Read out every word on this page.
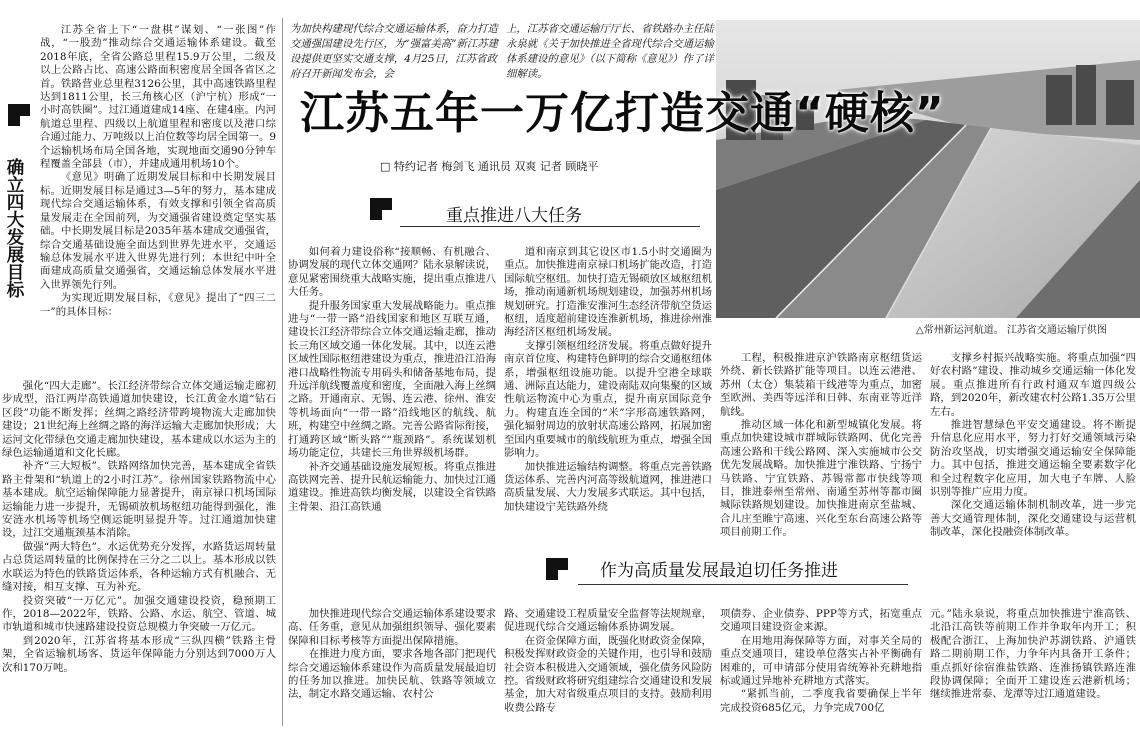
确立四大发展目标

江苏全省上下“一盘棋”谋划、“一张图”作战，“一股劲”推动综合交通运输体系建设。截至2018年底，全省公路总里程15.9万公里，二级及以上公路占比、高速公路面积密度居全国各省区之首。铁路营业总里程3126公里，其中高速铁路里程达到1811公里，长三角核心区（沪宁杭）形成“一小时高铁圈”。过江通道建成14座、在建4座。内河航道总里程、四级以上航道里程和密度以及港口综合通过能力、万吨级以上泊位数等均居全国第一。9个运输机场布局全国各地，实现地面交通90分钟车程覆盖全部县（市），并建成通用机场10个。

《意见》明确了近期发展目标和中长期发展目标。近期发展目标是通过3—5年的努力，基本建成现代综合交通运输体系，有效支撑和引领全省高质量发展走在全国前列，为交通强省建设奠定坚实基础。中长期发展目标是2035年基本建成交通强省，综合交通基础设施全面达到世界先进水平，交通运输总体发展水平进入世界先进行列；本世纪中叶全面建成高质量交通强省，交通运输总体发展水平进入世界领先行列。

为实现近期发展目标，《意见》提出了“四三二一”的具体目标：

强化“四大走廊”。长江经济带综合立体交通运输走廊初步成型，沿江两岸高铁通道加快建设，长江黄金水道“钻石区段”功能不断发挥；丝绸之路经济带跨境物流大走廊加快建设；21世纪海上丝绸之路的海洋运输大走廊加快形成；大运河文化带绿色交通走廊加快建设，基本建成以水运为主的绿色运输通道和文化长廊。

补齐“三大短板”。铁路网络加快完善，基本建成全省铁路主骨架和“轨道上的2小时江苏”。徐州国家铁路物流中心基本建成。航空运输保障能力显著提升，南京禄口机场国际运输能力进一步提升，无锡硕放机场枢纽功能得到强化，淮安涟水机场等机场空侧运能明显提升等。过江通道加快建设，过江交通瓶颈基本消除。

做强“两大特色”。水运优势充分发挥，水路货运周转量占总货运周转量的比例保持在三分之二以上。基本形成以铁水联运为特色的铁路货运体系，各种运输方式有机融合、无缝对接，相互支撑、互为补充。

投资突破“一万亿元”。加强交通建设投资，稳预期工作，2018—2022年，铁路、公路、水运、航空、管道、城市轨道和城市快速路建设投资总规模力争突破一万亿元。

到2020年，江苏省将基本形成“三纵四横”铁路主骨架，全省运输机场客、货运年保障能力分别达到7000万人次和170万吨。

△常州新运河航道。 江苏省交通运输厅供图
为加快构建现代综合交通运输体系，奋力打造交通强国建设先行区，为“强富美高”新江苏建设提供更坚实交通支撑，4月25日，江苏省政府召开新闻发布会，会
上，江苏省交通运输厅厅长、省铁路办主任陆永泉就《关于加快推进全省现代综合交通运输体系建设的意见》（以下简称《意见》）作了详细解读。
江苏五年一万亿打造交通“硬核”
□ 特约记者 梅剑飞 通讯员 双爽 记者 顾晓平
重点推进八大任务

如何着力建设俗称“接顺畅、有机融合、协调发展的现代立体交通网？陆永泉解读说，意见紧密围绕重大战略实施，提出重点推进八大任务。

提升服务国家重大发展战略能力。重点推进与“一带一路”沿线国家和地区互联互通，建设长江经济带综合立体交通运输走廊，推动长三角区域交通一体化发展。其中，以连云港区域性国际枢纽港建设为重点，推进沿江沿海港口战略性物流专用码头和储备基地布局，提升远洋航线覆盖度和密度，全面融入海上丝绸之路。开通南京、无锡、连云港、徐州、淮安等机场面向“一带一路”沿线地区的航线、航班，构建空中丝绸之路。完善公路省际衔接，打通跨区域“断头路”“瓶颈路”。系统谋划机场功能定位，共建长三角世界级机场群。

补齐交通基础设施发展短板。将重点推进高铁网完善、提升民航运输能力、加快过江通道建设。推进高铁均衡发展，以建设全省铁路主骨架、沿江高铁通

道和南京到其它设区市1.5小时交通圈为重点。加快推进南京禄口机场扩能改造，打造国际航空枢纽。加快打造无锡硕放区域枢纽机场，推动南通新机场规划建设，加强苏州机场规划研究。打造淮安淮河生态经济带航空货运枢纽，适度超前建设连淮新机场，推进徐州淮海经济区枢纽机场发展。

支撑引领枢纽经济发展。将重点做好提升南京首位度、构建特色鲜明的综合交通枢纽体系，增强枢纽设施功能。以提升空港全球联通、洲际直达能力，建设南陆双向集聚的区域性航运物流中心为重点，提升南京国际竞争力。构建直连全国的“米”字形高速铁路网，强化辐射周边的放射状高速公路网，拓展加密至国内重要城市的航线航班为重点，增强全国影响力。

加快推进运输结构调整。将重点完善铁路货运体系、完善内河高等级航道网，推进港口高质量发展、大力发展多式联运。其中包括，加快建设宁芜铁路外绕

工程，积极推进京沪铁路南京枢纽货运外绕、新长铁路扩能等项目。以连云港港、苏州（太仓）集装箱干线港等为重点，加密至欧洲、美西等远洋和日韩、东南亚等近洋航线。

推动区域一体化和新型城镇化发展。将重点加快建设城市群城际铁路网、优化完善高速公路和干线公路网、深入实施城市公交优先发展战略。加快推进宁淮铁路、宁扬宁马铁路、宁宜铁路、苏锡常都市快线等项目，推进泰州至常州、南通至苏州等都市圈城际铁路规划建设。加快推进南京至盐城、合儿庄至睢宁高速、兴化至东台高速公路等项目前期工作。

支撑乡村振兴战略实施。将重点加强“四好农村路”建设、推动城乡交通运输一体化发展。重点推进所有行政村通双车道四级公路，到2020年，新改建农村公路1.35万公里左右。

推进智慧绿色平安交通建设。将不断提升信息化应用水平，努力打好交通领域污染防治攻坚战，切实增强交通运输安全保障能力。其中包括，推进交通运输全要素数字化和全过程数字化应用，加大电子车牌、人脸识别等推广应用力度。

深化交通运输体制机制改革，进一步完善大交通管理体制，深化交通建设与运营机制改革，深化投融资体制改革。

作为高质量发展最迫切任务推进

加快推进现代综合交通运输体系建设要求高、任务重，意见从加强组织领导、强化要素保障和目标考核等方面提出保障措施。

在推进力度方面，要求各地各部门把现代综合交通运输体系建设作为高质量发展最迫切的任务加以推进。加快民航、铁路等领域立法，制定水路交通运输、农村公

路、交通建设工程质量安全监督等法规规章，促进现代综合交通运输体系协调发展。

在资金保障方面，既强化财政资金保障，积极发挥财政资金的关键作用，也引导和鼓励社会资本积极进入交通领域，强化债务风险防控。省级财政将研究组建综合交通建设和发展基金，加大对省级重点项目的支持。鼓励利用收费公路专

项债券、企业债券、PPP等方式，拓宽重点交通项目建设资金来源。

在用地用海保障等方面，对事关全局的重点交通项目，建设单位落实占补平衡确有困难的，可申请部分使用省统筹补充耕地指标或通过异地补充耕地方式落实。

“紧抓当前，二季度我省要确保上半年完成投资685亿元，力争完成700亿

元。”陆永泉说，将重点加快推进宁淮高铁、北沿江高铁等前期工作并争取年内开工；积极配合浙江、上海加快沪苏湖铁路、沪通铁路二期前期工作，力争年内具备开工条件；重点抓好徐宿淮盐铁路、连淮扬镇铁路连淮段协调保障；全面开工建设连云港新机场；继续推进常泰、龙潭等过江通道建设。
